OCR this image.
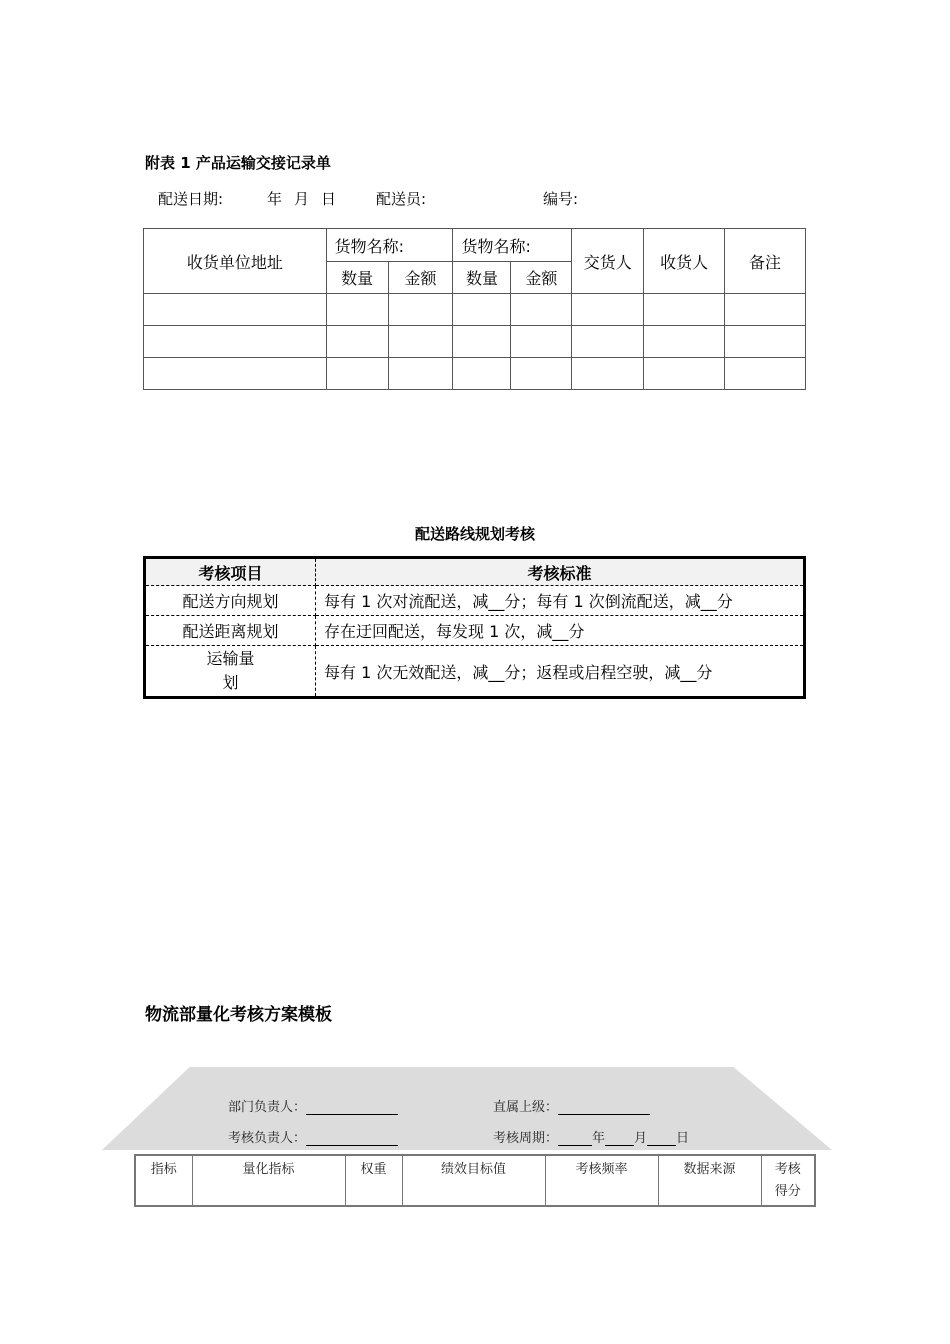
附表 1 产品运输交接记录单
配送日期:	年 月 日	配送员:	编号:
收货单位地址	货物名称:		货物名称:		交货人	收货人	备注
	数量	金额	数量	金额			

配送路线规划考核
考核项目	考核标准
配送方向规划	每有 1 次对流配送，减__分；每有 1 次倒流配送，减__分
配送距离规划	存在迂回配送，每发现 1 次，减__分

运输量
划	每有 1 次无效配送，减__分；返程或启程空驶，减__分
物流部量化考核方案模板
部门负责人：	直属上级：
考核负责人：	考核周期：	年 月 日
指标	量化指标	权重	绩效目标值	考核频率	数据来源	考核
得分
